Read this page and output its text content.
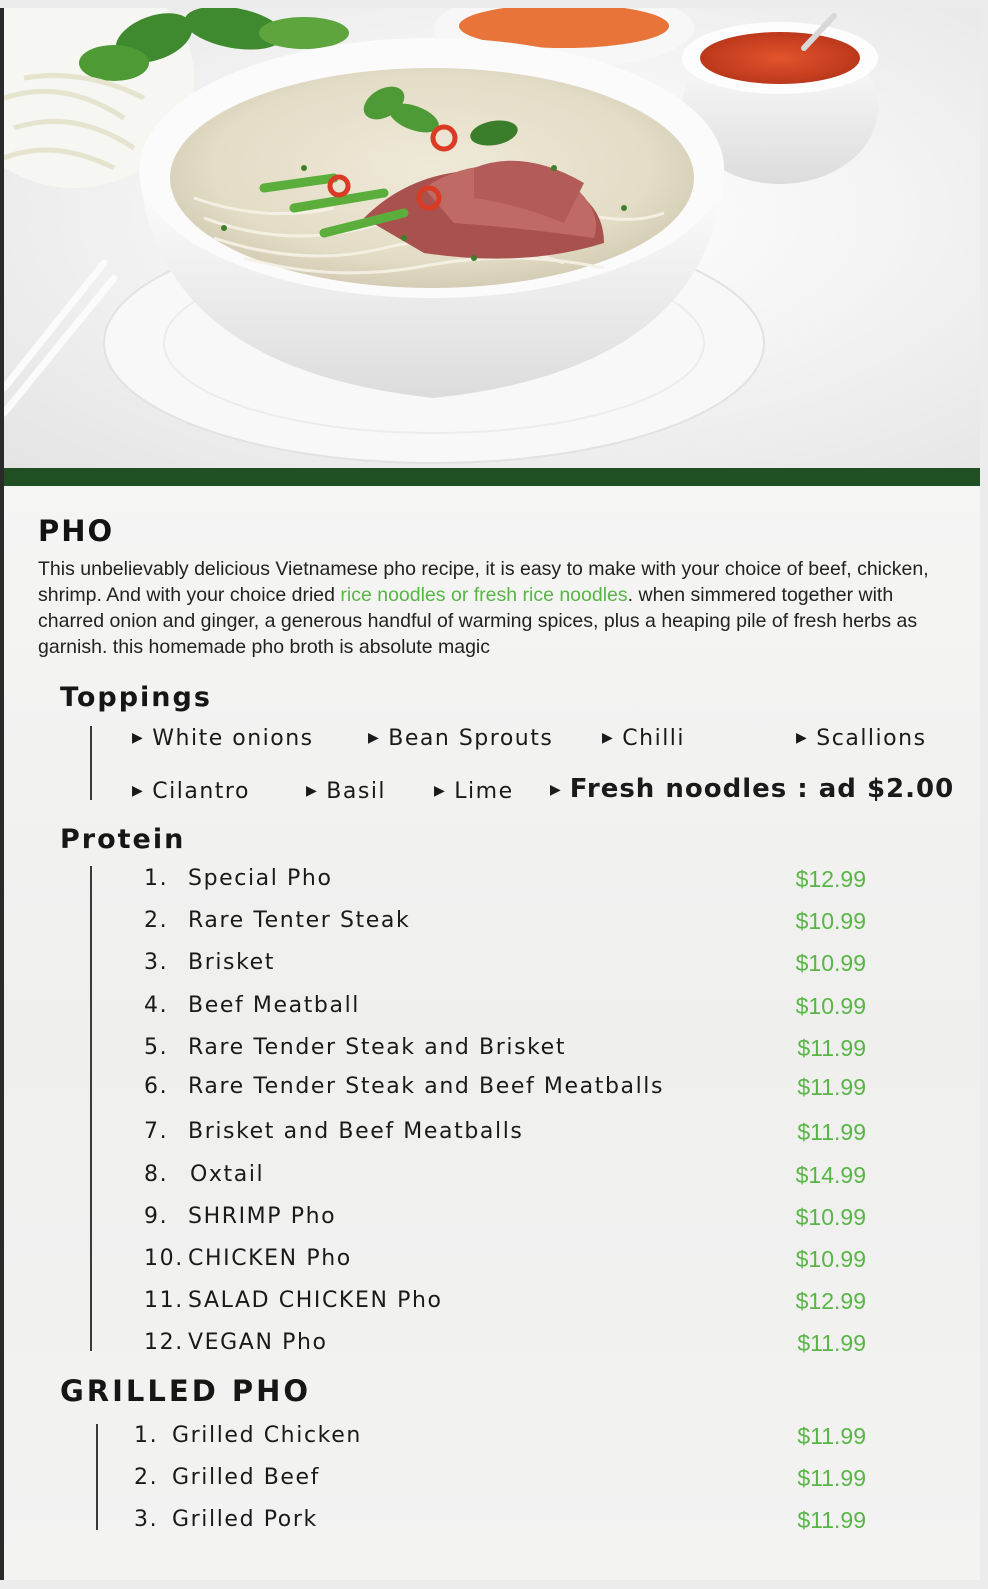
PHO
This unbelievably delicious Vietnamese pho recipe, it is easy to make with your choice of beef, chicken, shrimp. And with your choice dried rice noodles or fresh rice noodles. when simmered together with charred onion and ginger, a generous handful of warming spices, plus a heaping pile of fresh herbs as garnish. this homemade pho broth is absolute magic
Toppings
▶ White onions	▶ Bean Sprouts	▶ Chilli	▶ Scallions
▶ Cilantro	▶ Basil	▶ Lime	▶ Fresh noodles : ad $2.00
Protein
1. Special Pho	$12.99
2. Rare Tenter Steak	$10.99
3. Brisket	$10.99
4. Beef Meatball	$10.99
5. Rare Tender Steak and Brisket	$11.99
6. Rare Tender Steak and Beef Meatballs	$11.99
7. Brisket and Beef Meatballs	$11.99
8. Oxtail	$14.99
9. SHRIMP Pho	$10.99
10. CHICKEN Pho	$10.99
11. SALAD CHICKEN Pho	$12.99
12. VEGAN Pho	$11.99
GRILLED PHO
1. Grilled Chicken	$11.99
2. Grilled Beef	$11.99
3. Grilled Pork	$11.99
